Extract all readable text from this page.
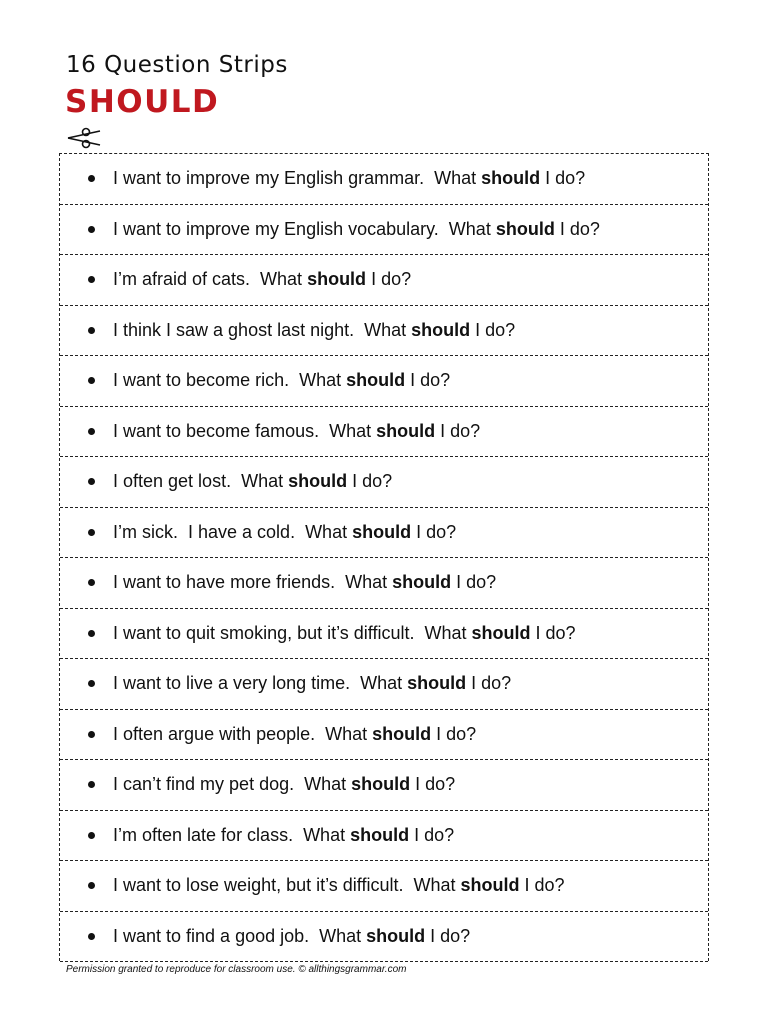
16 Question Strips
SHOULD
I want to improve my English grammar.  What should I do?
I want to improve my English vocabulary.  What should I do?
I’m afraid of cats.  What should I do?
I think I saw a ghost last night.  What should I do?
I want to become rich.  What should I do?
I want to become famous.  What should I do?
I often get lost.  What should I do?
I’m sick.  I have a cold.  What should I do?
I want to have more friends.  What should I do?
I want to quit smoking, but it’s difficult.  What should I do?
I want to live a very long time.  What should I do?
I often argue with people.  What should I do?
I can’t find my pet dog.  What should I do?
I’m often late for class.  What should I do?
I want to lose weight, but it’s difficult.  What should I do?
I want to find a good job.  What should I do?
Permission granted to reproduce for classroom use. © allthingsgrammar.com
